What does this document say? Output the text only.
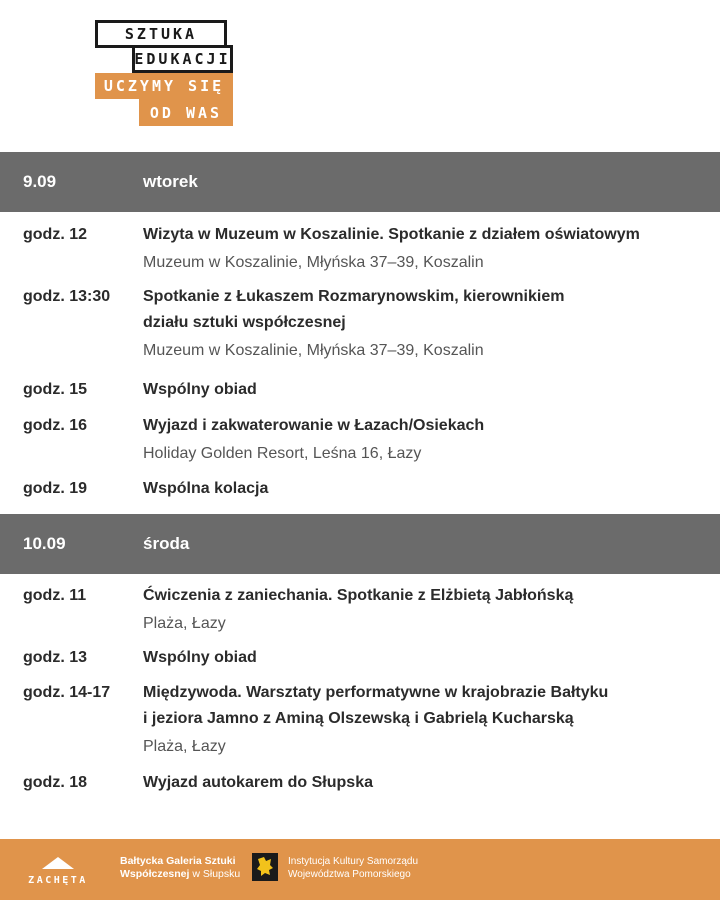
SZTUKA
EDUKACJI
UCZYMY SIĘ
OD WAS
9.09	wtorek
godz. 12	Wizyta w Muzeum w Koszalinie. Spotkanie z działem oświatowym
Muzeum w Koszalinie, Młyńska 37–39, Koszalin
godz. 13:30 Spotkanie z Łukaszem Rozmarynowskim, kierownikiem
działu sztuki współczesnej
Muzeum w Koszalinie, Młyńska 37–39, Koszalin
godz. 15	Wspólny obiad
godz. 16	Wyjazd i zakwaterowanie w Łazach/Osiekach
Holiday Golden Resort, Leśna 16, Łazy
godz. 19	Wspólna kolacja
10.09	środa
godz. 11	Ćwiczenia z zaniechania. Spotkanie z Elżbietą Jabłońską
Plaża, Łazy
godz. 13	Wspólny obiad
godz. 14-17 Międzywoda. Warsztaty performatywne w krajobrazie Bałtyku
i jeziora Jamno z Aminą Olszewską i Gabrielą Kucharską
Plaża, Łazy
godz. 18	Wyjazd autokarem do Słupska
ZACHĘTA
Bałtycka Galeria Sztuki
Współczesnej w Słupsku
Instytucja Kultury Samorządu
Województwa Pomorskiego
